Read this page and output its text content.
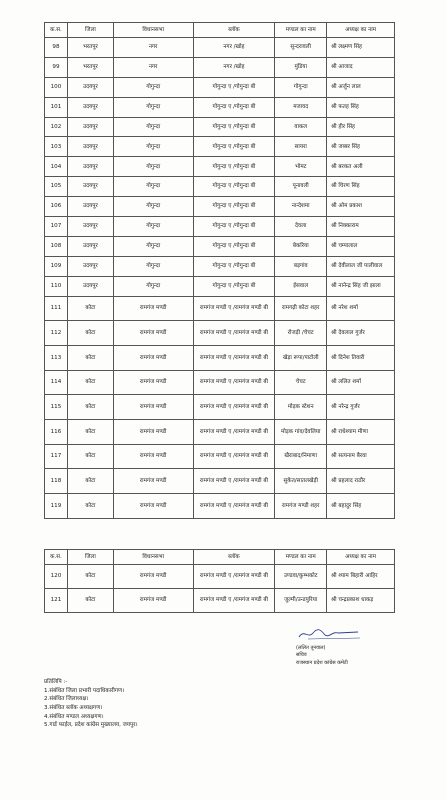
क.स.	जिला	विधानसभा	ब्लॉक	मण्डल का नाम	अध्यक्ष का नाम
98	भरतपुर	नगर	नगर /खोह	सुन्दरावली	श्री लक्ष्मण सिंह
99	भरतपुर	नगर	नगर /खोह	मुंडिया	श्री आजाद
100	उदयपुर	गोगुन्दा	गोगुन्दा ए /गोगुन्दा बी	गोगुन्दा	श्री अर्जुन लाल
101	उदयपुर	गोगुन्दा	गोगुन्दा ए /गोगुन्दा बी	मजावद	श्री फतह सिंह
102	उदयपुर	गोगुन्दा	गोगुन्दा ए /गोगुन्दा बी	वाकल	श्री हीर सिंह
103	उदयपुर	गोगुन्दा	गोगुन्दा ए /गोगुन्दा बी	सायरा	श्री जब्बर सिंह
104	उदयपुर	गोगुन्दा	गोगुन्दा ए /गोगुन्दा बी	भोमट	श्री बरकत अली
105	उदयपुर	गोगुन्दा	गोगुन्दा ए /गोगुन्दा बी	पूनावली	श्री चिरण सिंह
106	उदयपुर	गोगुन्दा	गोगुन्दा ए /गोगुन्दा बी	नान्देशमा	श्री ओम प्रकाश
107	उदयपुर	गोगुन्दा	गोगुन्दा ए /गोगुन्दा बी	देवला	श्री निक्काराम
108	उदयपुर	गोगुन्दा	गोगुन्दा ए /गोगुन्दा बी	बेकरिया	श्री चम्पालाल
109	उदयपुर	गोगुन्दा	गोगुन्दा ए /गोगुन्दा बी	बड़गांव	श्री देवीलाल जी पालीवाल
110	उदयपुर	गोगुन्दा	गोगुन्दा ए /गोगुन्दा बी	ईसवाल	श्री नानेन्द्र सिंह जी झाला
111	कोटा	रामगंज मण्डी	रामगंज मण्डी ए /रामगंज मण्डी बी	रामगढ़ी कोटा शहर	श्री नरेश शर्मा
112	कोटा	रामगंज मण्डी	रामगंज मण्डी ए /रामगंज मण्डी बी	रोजड़ी /चेचट	श्री देवलाल गुर्जर
113	कोटा	रामगंज मण्डी	रामगंज मण्डी ए /रामगंज मण्डी बी	खेड़ा रूपा/पाटोली	श्री दिनेश तिवारी
114	कोटा	रामगंज मण्डी	रामगंज मण्डी ए /रामगंज मण्डी बी	चेचट	श्री ललित शर्मा
115	कोटा	रामगंज मण्डी	रामगंज मण्डी ए /रामगंज मण्डी बी	मोड़क स्टेशन	श्री नरेन्द्र गुर्जर
116	कोटा	रामगंज मण्डी	रामगंज मण्डी ए /रामगंज मण्डी बी	मोड़क गांव/देवलिया	श्री राधेश्याम मीणा
117	कोटा	रामगंज मण्डी	रामगंज मण्डी ए /रामगंज मण्डी बी	खैराबाद/निमाणा	श्री सत्यनाम बैरवा
118	कोटा	रामगंज मण्डी	रामगंज मण्डी ए /रामगंज मण्डी बी	सुकेत/सातलखेड़ी	श्री प्रहलाद राठौर
119	कोटा	रामगंज मण्डी	रामगंज मण्डी ए /रामगंज मण्डी बी	रामगंज मण्डी शहर	श्री बहादुर सिंह
क.स.	जिला	विधानसभा	ब्लॉक	मण्डल का नाम	अध्यक्ष का नाम
120	कोटा	रामगंज मण्डी	रामगंज मण्डी ए /रामगंज मण्डी बी	उण्डवा/कुम्भकोट	श्री श्याम बिहारी आहिर
121	कोटा	रामगंज मण्डी	रामगंज मण्डी ए /रामगंज मण्डी बी	जुल्मी/उन्डपुरिया	श्री चन्द्रप्रकाश धाकड़
(ललित तूनवाल)
सचिव
राजस्थान प्रदेश कांग्रेस कमेटी
प्रतिलिपि :-
1.संबंधित जिला प्रभारी पदाधिकारीगण।
2.संबंधित जिलाध्यक्ष।
3.संबंधित ब्लॉक अध्यक्षगण।
4.संबंधित मण्डल अध्यक्षगण।
5.गार्ड फाईल, प्रदेश कांग्रेस मुख्यालय, जयपुर।
